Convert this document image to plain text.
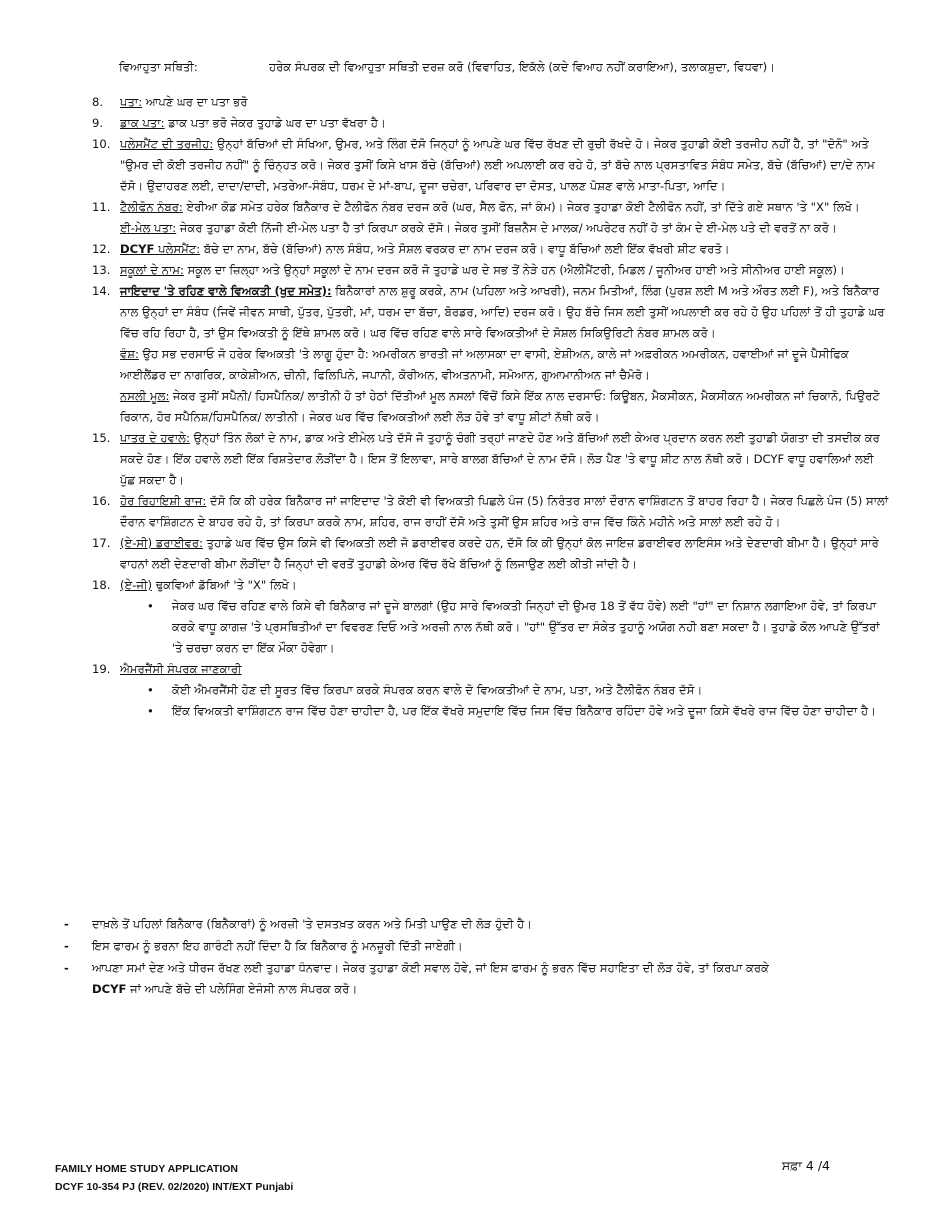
ਵਿਆਹੁਤਾ ਸਥਿਤੀ:	ਹਰੇਕ ਸੰਪਰਕ ਦੀ ਵਿਆਹੁਤਾ ਸਥਿਤੀ ਦਰਜ਼ ਕਰੋ (ਵਿਵਾਹਿਤ, ਇਕੱਲੇ (ਕਦੇ ਵਿਆਹ ਨਹੀਂ ਕਰਾਇਆ), ਤਲਾਕਸ਼ੁਦਾ, ਵਿਧਵਾ)।
8. ਪਤਾ: ਆਪਣੇ ਘਰ ਦਾ ਪਤਾ ਭਰੋ
9. ਡਾਕ ਪਤਾ: ਡਾਕ ਪਤਾ ਭਰੋ ਜੇਕਰ ਤੁਹਾਡੇ ਘਰ ਦਾ ਪਤਾ ਵੱਖਰਾ ਹੈ।
10. ਪਲੇਸਮੈਂਟ ਦੀ ਤਰਜੀਹ: ਉਨ੍ਹਾਂ ਬੱਚਿਆਂ ਦੀ ਸੰਖਿਆ, ਉਮਰ, ਅਤੇ ਲਿੰਗ ਦੱਸੋ ਜਿਨ੍ਹਾਂ ਨੂੰ ਆਪਣੇ ਘਰ ਵਿੱਚ ਰੱਖਣ ਦੀ ਰੁਚੀ ਰੱਖਦੇ ਹੋ। ਜੇਕਰ ਤੁਹਾਡੀ ਕੋਈ ਤਰਜੀਹ ਨਹੀਂ ਹੈ, ਤਾਂ "ਦੋਨੋ" ਅਤੇ "ਉਮਰ ਦੀ ਕੋਈ ਤਰਜੀਹ ਨਹੀਂ" ਨੂੰ ਚਿੰਨ੍ਹਤ ਕਰੋ। ਜੇਕਰ ਤੁਸੀਂ ਕਿਸੇ ਖਾਸ ਬੱਚੇ (ਬੱਚਿਆਂ) ਲਈ ਅਪਲਾਈ ਕਰ ਰਹੇ ਹੋ, ਤਾਂ ਬੱਚੇ ਨਾਲ ਪ੍ਰਸਤਾਵਿਤ ਸੰਬੰਧ ਸਮੇਤ, ਬੱਚੇ (ਬੱਚਿਆਂ) ਦਾ/ਦੇ ਨਾਮ ਦੱਸੋ। ਉਦਾਹਰਣ ਲਈ, ਦਾਦਾ/ਦਾਦੀ, ਮਤਰੇਆ-ਸੰਬੰਧ, ਧਰਮ ਦੇ ਮਾਂ-ਬਾਪ, ਦੂਜਾ ਚਚੇਰਾ, ਪਰਿਵਾਰ ਦਾ ਦੋਸਤ, ਪਾਲਣ ਪੋਸ਼ਣ ਵਾਲੇ ਮਾਤਾ-ਪਿਤਾ, ਆਦਿ।
11. ਟੈਲੀਫੋਨ ਨੰਬਰ: ਏਰੀਆ ਕੋਡ ਸਮੇਤ ਹਰੇਕ ਬਿਨੈਕਾਰ ਦੇ ਟੈਲੀਫੋਨ ਨੰਬਰ ਦਰਜ ਕਰੋ (ਘਰ, ਸੈਲ ਫੋਨ, ਜਾਂ ਕੰਮ)। ਜੇਕਰ ਤੁਹਾਡਾ ਕੋਈ ਟੈਲੀਫੋਨ ਨਹੀਂ, ਤਾਂ ਦਿੱਤੇ ਗਏ ਸਥਾਨ 'ਤੇ "X" ਲਿਖੋ।

ਈ-ਮੇਲ ਪਤਾ: ਜੇਕਰ ਤੁਹਾਡਾ ਕੋਈ ਨਿੱਜੀ ਈ-ਮੇਲ ਪਤਾ ਹੈ ਤਾਂ ਕਿਰਪਾ ਕਰਕੇ ਦੱਸੋ। ਜੇਕਰ ਤੁਸੀਂ ਬਿਜ਼ਨੈਸ ਦੇ ਮਾਲਕ/ ਅਪਰੇਟਰ ਨਹੀਂ ਹੋ ਤਾਂ ਕੰਮ ਦੇ ਈ-ਮੇਲ ਪਤੇ ਦੀ ਵਰਤੋਂ ਨਾ ਕਰੋ।

12. DCYF ਪਲੇਸਮੈਂਟ: ਬੱਚੇ ਦਾ ਨਾਮ, ਬੱਚੇ (ਬੱਚਿਆਂ) ਨਾਲ ਸੰਬੰਧ, ਅਤੇ ਸੋਸ਼ਲ ਵਰਕਰ ਦਾ ਨਾਮ ਦਰਜ ਕਰੋ। ਵਾਧੂ ਬੱਚਿਆਂ ਲਈ ਇੱਕ ਵੱਖਰੀ ਸ਼ੀਟ ਵਰਤੋ।
13. ਸਕੂਲਾਂ ਦੇ ਨਾਮ: ਸਕੂਲ ਦਾ ਜ਼ਿਲ੍ਹਾ ਅਤੇ ਉਨ੍ਹਾਂ ਸਕੂਲਾਂ ਦੇ ਨਾਮ ਦਰਜ ਕਰੋ ਜੋ ਤੁਹਾਡੇ ਘਰ ਦੇ ਸਭ ਤੋਂ ਨੇੜੇ ਹਨ (ਐਲੀਮੈਂਟਰੀ, ਮਿਡਲ / ਜੂਨੀਅਰ ਹਾਈ ਅਤੇ ਸੀਨੀਅਰ ਹਾਈ ਸਕੂਲ)।
14. ਜਾਇਦਾਦ 'ਤੇ ਰਹਿਣ ਵਾਲੇ ਵਿਅਕਤੀ (ਖੁਦ ਸਮੇਤ): ਬਿਨੈਕਾਰਾਂ ਨਾਲ ਸ਼ੁਰੂ ਕਰਕੇ, ਨਾਮ (ਪਹਿਲਾ ਅਤੇ ਆਖਰੀ), ਜਨਮ ਮਿਤੀਆਂ, ਲਿੰਗ (ਪੁਰਸ਼ ਲਈ M ਅਤੇ ਔਰਤ ਲਈ F), ਅਤੇ ਬਿਨੈਕਾਰ ਨਾਲ ਉਨ੍ਹਾਂ ਦਾ ਸੰਬੰਧ (ਜਿਵੇਂ ਜੀਵਨ ਸਾਥੀ, ਪੁੱਤਰ, ਪੁੱਤਰੀ, ਮਾਂ, ਧਰਮ ਦਾ ਬੱਚਾ, ਬੋਰਡਰ, ਆਦਿ) ਦਰਜ ਕਰੋ। ਉਹ ਬੱਚੇ ਜਿਸ ਲਈ ਤੁਸੀਂ ਅਪਲਾਈ ਕਰ ਰਹੇ ਹੋ ਉਹ ਪਹਿਲਾਂ ਤੋਂ ਹੀ ਤੁਹਾਡੇ ਘਰ ਵਿੱਚ ਰਹਿ ਰਿਹਾ ਹੈ, ਤਾਂ ਉਸ ਵਿਅਕਤੀ ਨੂੰ ਇੱਥੇ ਸ਼ਾਮਲ ਕਰੋ। ਘਰ ਵਿੱਚ ਰਹਿਣ ਵਾਲੇ ਸਾਰੇ ਵਿਅਕਤੀਆਂ ਦੇ ਸੋਸ਼ਲ ਸਿਕਿਉਰਿਟੀ ਨੰਬਰ ਸ਼ਾਮਲ ਕਰੋ।

ਵੰਸ਼: ਉਹ ਸਭ ਦਰਸਾਓ ਜੋ ਹਰੇਕ ਵਿਅਕਤੀ 'ਤੇ ਲਾਗੂ ਹੁੰਦਾ ਹੈ: ਅਮਰੀਕਨ ਭਾਰਤੀ ਜਾਂ ਅਲਾਸਕਾ ਦਾ ਵਾਸੀ, ਏਸ਼ੀਅਨ, ਕਾਲੇ ਜਾਂ ਅਫ਼ਰੀਕਨ ਅਮਰੀਕਨ, ਹਵਾਈਆਂ ਜਾਂ ਦੂਜੇ ਪੈਸੀਫਿਕ ਆਈਲੈਂਡਰ ਦਾ ਨਾਗਰਿਕ, ਕਾਕੇਸ਼ੀਅਨ, ਚੀਨੀ, ਫਿਲਿਪਿਨੇ, ਜਪਾਨੀ, ਕੋਰੀਅਨ, ਵੀਅਤਨਾਮੀ, ਸਮੋਆਨ, ਗੁਆਮਾਨੀਅਨ ਜਾਂ ਚੈਮੋਰੋ।

ਨਸਲੀ ਮੂਲ: ਜੇਕਰ ਤੁਸੀਂ ਸਪੈਨੀ/ ਹਿਸਪੈਨਿਕ/ ਲਾਤੀਨੀ ਹੋ ਤਾਂ ਹੇਠਾਂ ਦਿੱਤੀਆਂ ਮੂਲ ਨਸਲਾਂ ਵਿੱਚੋਂ ਕਿਸੇ ਇੱਕ ਨਾਲ ਦਰਸਾਓ: ਕਿਊਬਨ, ਮੈਕਸੀਕਨ, ਮੈਕਸੀਕਨ ਅਮਰੀਕਨ ਜਾਂ ਚਿਕਾਨੋ, ਪਿਉਰਟੋ ਰਿਕਾਨ, ਹੋਰ ਸਪੈਨਿਸ਼/ਹਿਸਪੈਨਿਕ/ ਲਾਤੀਨੀ। ਜੇਕਰ ਘਰ ਵਿੱਚ ਵਿਅਕਤੀਆਂ ਲਈ ਲੋੜ ਹੋਵੇ ਤਾਂ ਵਾਧੂ ਸ਼ੀਟਾਂ ਨੱਥੀ ਕਰੋ।

15. ਪਾਤਰ ਦੇ ਹਵਾਲੇ: ਉਨ੍ਹਾਂ ਤਿੰਨ ਲੋਕਾਂ ਦੇ ਨਾਮ, ਡਾਕ ਅਤੇ ਈਮੇਲ ਪਤੇ ਦੱਸੋ ਜੋ ਤੁਹਾਨੂੰ ਚੰਗੀ ਤਰ੍ਹਾਂ ਜਾਣਦੇ ਹੋਣ ਅਤੇ ਬੱਚਿਆਂ ਲਈ ਕੇਅਰ ਪ੍ਰਦਾਨ ਕਰਨ ਲਈ ਤੁਹਾਡੀ ਯੋਗਤਾ ਦੀ ਤਸਦੀਕ ਕਰ ਸਕਦੇ ਹੋਣ। ਇੱਕ ਹਵਾਲੇ ਲਈ ਇੱਕ ਰਿਸ਼ਤੇਦਾਰ ਲੋੜੀਂਦਾ ਹੈ। ਇਸ ਤੋਂ ਇਲਾਵਾ, ਸਾਰੇ ਬਾਲਗ ਬੱਚਿਆਂ ਦੇ ਨਾਮ ਦੱਸੋ। ਲੋੜ ਪੈਣ 'ਤੇ ਵਾਧੂ ਸ਼ੀਟ ਨਾਲ ਨੱਥੀ ਕਰੋ। DCYF ਵਾਧੂ ਹਵਾਲਿਆਂ ਲਈ ਪੁੱਛ ਸਕਦਾ ਹੈ।
16. ਹੋਰ ਰਿਹਾਇਸ਼ੀ ਰਾਜ: ਦੱਸੋ ਕਿ ਕੀ ਹਰੇਕ ਬਿਨੈਕਾਰ ਜਾਂ ਜਾਇਦਾਦ 'ਤੇ ਕੋਈ ਵੀ ਵਿਅਕਤੀ ਪਿਛਲੇ ਪੰਜ (5) ਨਿਰੰਤਰ ਸਾਲਾਂ ਦੌਰਾਨ ਵਾਸ਼ਿੰਗਟਨ ਤੋਂ ਬਾਹਰ ਰਿਹਾ ਹੈ। ਜੇਕਰ ਪਿਛਲੇ ਪੰਜ (5) ਸਾਲਾਂ ਦੌਰਾਨ ਵਾਸ਼ਿੰਗਟਨ ਦੇ ਬਾਹਰ ਰਹੇ ਹੋ, ਤਾਂ ਕਿਰਪਾ ਕਰਕੇ ਨਾਮ, ਸ਼ਹਿਰ, ਰਾਜ ਰਾਹੀਂ ਦੱਸੋ ਅਤੇ ਤੁਸੀਂ ਉਸ ਸ਼ਹਿਰ ਅਤੇ ਰਾਜ ਵਿੱਚ ਕਿੰਨੇ ਮਹੀਨੇ ਅਤੇ ਸਾਲਾਂ ਲਈ ਰਹੇ ਹੋ।
17. (ਏ-ਸੀ) ਡਰਾਈਵਰ: ਤੁਹਾਡੇ ਘਰ ਵਿੱਚ ਉਸ ਕਿਸੇ ਵੀ ਵਿਅਕਤੀ ਲਈ ਜੋ ਡਰਾਈਵਰ ਕਰਦੇ ਹਨ, ਦੱਸੋ ਕਿ ਕੀ ਉਨ੍ਹਾਂ ਕੋਲ ਜਾਇਜ਼ ਡਰਾਈਵਰ ਲਾਇਸੰਸ ਅਤੇ ਦੇਣਦਾਰੀ ਬੀਮਾ ਹੈ। ਉਨ੍ਹਾਂ ਸਾਰੇ ਵਾਹਨਾਂ ਲਈ ਦੇਣਦਾਰੀ ਬੀਮਾ ਲੋੜੀਂਦਾ ਹੈ ਜਿਨ੍ਹਾਂ ਦੀ ਵਰਤੋਂ ਤੁਹਾਡੀ ਕੇਅਰ ਵਿੱਚ ਰੱਖੇ ਬੱਚਿਆਂ ਨੂੰ ਲਿਜਾਉਣ ਲਈ ਕੀਤੀ ਜਾਂਦੀ ਹੈ।
18. (ਏ-ਜੀ) ਢੁਕਵਿਆਂ ਡੱਬਿਆਂ 'ਤੇ "X" ਲਿਖੋ।
• ਜੇਕਰ ਘਰ ਵਿੱਚ ਰਹਿਣ ਵਾਲੇ ਕਿਸੇ ਵੀ ਬਿਨੈਕਾਰ ਜਾਂ ਦੂਜੇ ਬਾਲਗਾਂ (ਉਹ ਸਾਰੇ ਵਿਅਕਤੀ ਜਿਨ੍ਹਾਂ ਦੀ ਉਮਰ 18 ਤੋਂ ਵੱਧ ਹੋਵੇ) ਲਈ "ਹਾਂ" ਦਾ ਨਿਸ਼ਾਨ ਲਗਾਇਆ ਹੋਵੇ, ਤਾਂ ਕਿਰਪਾ ਕਰਕੇ ਵਾਧੂ ਕਾਗਜ਼ 'ਤੇ ਪ੍ਰਸਥਿਤੀਆਂ ਦਾ ਵਿਵਰਣ ਦਿਓ ਅਤੇ ਅਰਜ਼ੀ ਨਾਲ ਨੱਥੀ ਕਰੋ। "ਹਾਂ" ਉੱਤਰ ਦਾ ਸੰਕੇਤ ਤੁਹਾਨੂੰ ਅਯੋਗ ਨਹੀ ਬਣਾ ਸਕਦਾ ਹੈ। ਤੁਹਾਡੇ ਕੋਲ ਆਪਣੇ ਉੱਤਰਾਂ 'ਤੇ ਚਰਚਾ ਕਰਨ ਦਾ ਇੱਕ ਮੌਕਾ ਹੋਵੇਗਾ।
19. ਐਮਰਜੈਂਸੀ ਸੰਪਰਕ ਜਾਣਕਾਰੀ
• ਕੋਈ ਐਮਰਜੈਂਸੀ ਹੋਣ ਦੀ ਸੂਰਤ ਵਿੱਚ ਕਿਰਪਾ ਕਰਕੇ ਸੰਪਰਕ ਕਰਨ ਵਾਲੇ ਦੋ ਵਿਅਕਤੀਆਂ ਦੇ ਨਾਮ, ਪਤਾ, ਅਤੇ ਟੈਲੀਫੋਨ ਨੰਬਰ ਦੱਸੋ।
• ਇੱਕ ਵਿਅਕਤੀ ਵਾਸ਼ਿੰਗਟਨ ਰਾਜ ਵਿੱਚ ਹੋਣਾ ਚਾਹੀਦਾ ਹੈ, ਪਰ ਇੱਕ ਵੱਖਰੇ ਸਮੁਦਾਇ ਵਿੱਚ ਜਿਸ ਵਿੱਚ ਬਿਨੈਕਾਰ ਰਹਿੰਦਾ ਹੋਵੇ ਅਤੇ ਦੂਜਾ ਕਿਸੇ ਵੱਖਰੇ ਰਾਜ ਵਿੱਚ ਹੋਣਾ ਚਾਹੀਦਾ ਹੈ।
- ਦਾਖ਼ਲੇ ਤੋਂ ਪਹਿਲਾਂ ਬਿਨੈਕਾਰ (ਬਿਨੈਕਾਰਾਂ) ਨੂੰ ਅਰਜ਼ੀ 'ਤੇ ਦਸਤਖ਼ਤ ਕਰਨ ਅਤੇ ਮਿਤੀ ਪਾਉਣ ਦੀ ਲੋੜ ਹੁੰਦੀ ਹੈ।
- ਇਸ ਫਾਰਮ ਨੂੰ ਭਰਨਾ ਇਹ ਗਾਰੰਟੀ ਨਹੀਂ ਦਿੰਦਾ ਹੈ ਕਿ ਬਿਨੈਕਾਰ ਨੂੰ ਮਨਜ਼ੂਰੀ ਦਿੱਤੀ ਜਾਏਗੀ।
- ਆਪਣਾ ਸਮਾਂ ਦੇਣ ਅਤੇ ਧੀਰਜ ਰੱਖਣ ਲਈ ਤੁਹਾਡਾ ਧੰਨਵਾਦ। ਜੇਕਰ ਤੁਹਾਡਾ ਕੋਈ ਸਵਾਲ ਹੋਵੇ, ਜਾਂ ਇਸ ਫਾਰਮ ਨੂੰ ਭਰਨ ਵਿੱਚ ਸਹਾਇਤਾ ਦੀ ਲੋੜ ਹੋਵੇ, ਤਾਂ ਕਿਰਪਾ ਕਰਕੇ
DCYF ਜਾਂ ਆਪਣੇ ਬੱਚੇ ਦੀ ਪਲੇਸਿੰਗ ਏਜੰਸੀ ਨਾਲ ਸੰਪਰਕ ਕਰੋ।
FAMILY HOME STUDY APPLICATION
DCYF 10-354 PJ (REV. 02/2020) INT/EXT Punjabi
ਸਫ਼ਾ 4 /4
